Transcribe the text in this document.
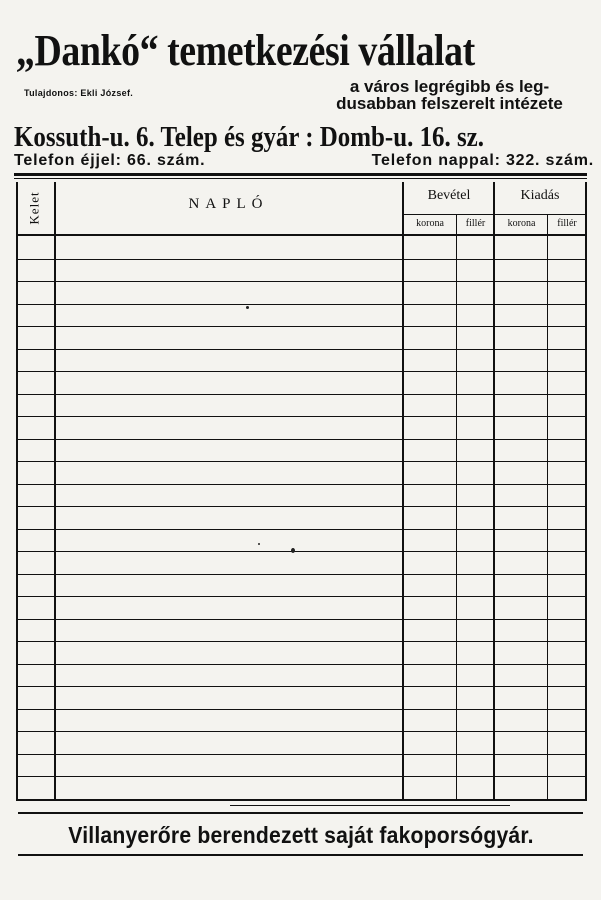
„Dankó“ temetkezési vállalat
Tulajdonos: Ekli József.	a város legrégibb és leg-
dusabban felszerelt intézete
Kossuth-u. 6. Telep és gyár : Domb-u. 16. sz.
Telefon éjjel: 66. szám.	Telefon nappal: 322. szám.
Kelet	NAPLÓ
Bevétel	Kiadás
korona	fillér	korona	fillér
Villanyerőre berendezett saját fakoporsógyár.
